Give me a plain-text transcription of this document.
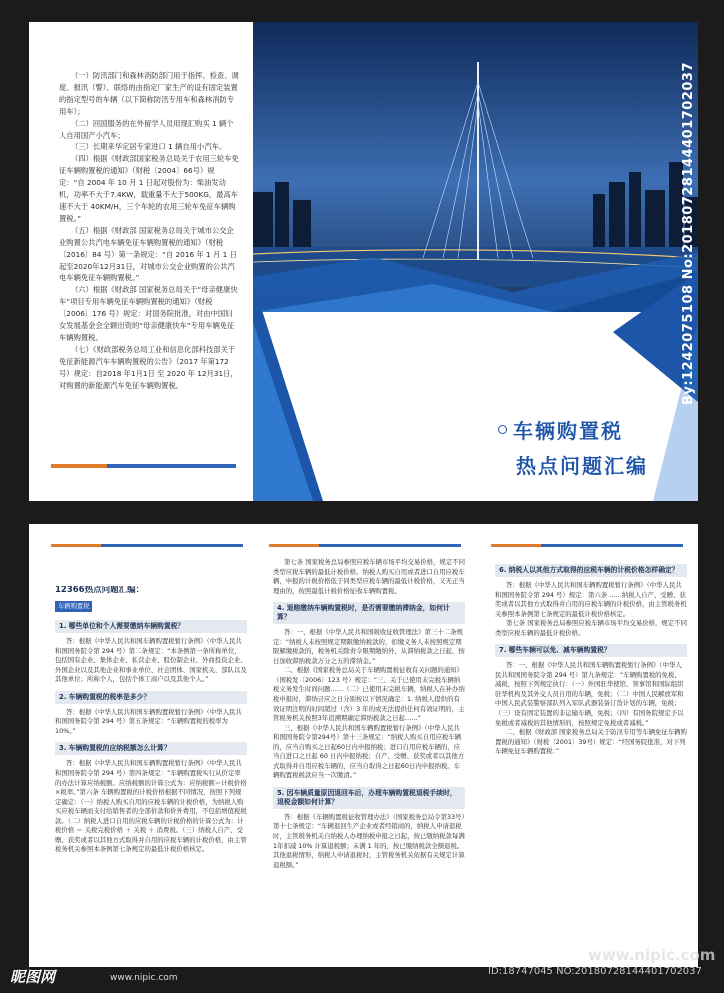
（一）防汛部门和森林消防部门用于指挥、检查、调度、报汛（警）、联络的由指定厂家生产的设有固定装置的指定型号的车辆（以下简称防汛专用车和森林消防专用车）；

（二）回国服务的在外留学人员用现汇购买 1 辆个人自用国产小汽车；

（三）长期来华定居专家进口 1 辆自用小汽车。

（四）根据《财政部国家税务总局关于农用三轮车免征车辆购置税的通知》（财税〔2004〕66号）规定：“自 2004 年 10 月 1 日起对股份为：柴油发动机，功率不大于7.4KW，载重量不大于500KG，最高车速不大于 40KM/H，三个车轮的农用三轮车免征车辆购置税。”

（五）根据《财政部 国家税务总局关于城市公交企业购置公共汽电车辆免征车辆购置税的通知》（财税〔2016〕84 号）第一条规定：“自 2016 年 1 月 1 日起至2020年12月31日，对城市公交企业购置的公共汽电车辆免征车辆购置税。”

（六）根据《财政部 国家税务总局关于“母亲健康快车”项目专用车辆免征车辆购置税的通知》（财税〔2006〕176 号）规定：对国务院批准，对由中国妇女发展基金会全额出资的“母亲健康快车”专用车辆免征车辆购置税。

（七）《财政部税务总局工业和信息化部科技部关于免征新能源汽车车辆购置税的公告》（2017 年第172号）规定：自2018 年1月1日 至 2020 年 12月31日，对购置的新能源汽车免征车辆购置税。	By:1242075108 No:20180728144401702037
车辆购置税
热点问题汇编
12366热点问题汇编：
车辆购置税
1. 哪些单位和个人需要缴纳车辆购置税？

答：根据《中华人民共和国车辆购置税暂行条例》（中华人民共和国国务院令第 294 号）第二条规定：“本条例第一条所称单位，包括国有企业、集体企业、私营企业、股份制企业、外商投资企业、外国企业以及其他企业和事业单位、社会团体、国家机关、部队以及其他单位；所称个人，包括个体工商户以及其他个人。”

2. 车辆购置税的税率是多少？

答：根据《中华人民共和国车辆购置税暂行条例》（中华人民共和国国务院令第 294 号）第五条规定：“车辆购置税的税率为10%。”

3. 车辆购置税的应纳税额怎么计算？

答：根据《中华人民共和国车辆购置税暂行条例》（中华人民共和国国务院令第 294 号）第四条规定：“车辆购置税实行从价定率的办法计算应纳税额。应纳税额的计算公式为：应纳税额＝计税价格×税率。”第六条 车辆购置税的计税价格根据不同情况，按照下列规定确定：（一）纳税人购买自用的应税车辆的计税价格，为纳税人购买应税车辆而支付给销售者的全部价款和价外费用，不包括增值税税款。（二）纳税人进口自用的应税车辆的计税价格的计算公式为：计税价格 ＝ 关税完税价格 ＋ 关税 ＋ 消费税。（三）纳税人自产、受赠、获奖或者以其他方式取得并自用的应税车辆的计税价格，由主管税务机关参照本条例第七条规定的最低计税价格核定。

第七条 国家税务总局参照应税车辆市场平均交易价格，规定不同类型应税车辆的最低计税价格。纳税人购买自用或者进口自用应税车辆，申报的计税价格低于同类型应税车辆的最低计税价格，又无正当理由的，按照最低计税价格征收车辆购置税。

4. 退赔缴纳车辆购置税时，是否需要缴纳滞纳金，如何计算？

答：一、根据《中华人民共和国税收征收管理法》第三十二条规定：“纳税人未按照规定期限缴纳税款的，扣缴义务人未按照规定期限解缴税款的，税务机关除责令限期缴纳外，从滞纳税款之日起，按日加收滞纳税款万分之五的滞纳金。”

二、根据《国家税务总局关于车辆购置税征收有关问题的通知》（国税发〔2006〕123 号）规定：“三、关于已使用未完税车辆纳税义务发生时间问题……（二）已使用未完税车辆，纳税人在补办纳税申报时，滞纳금应之日分别按以下情况确定：1. 纳税人提供的有效证明注明的时间超过（含）3 年的或无法提供任何有效证明的，主管税务机关按照3年追溯期确定滞纳税款之日起……”

三、根据《中华人民共和国车辆购置税暂行条例》（中华人民共和国国务院令第294号）第十三条规定：“纳税人购买自用应税车辆的，应当自购买之日起60日内申报纳税；进口自用应税车辆的，应当自进口之日起 60 日内申报纳税；自产、受赠、获奖或者以其他方式取得并自用应税车辆的，应当自取得之日起60日内申报纳税。车辆购置税税款应当一次缴清。”

5. 因车辆质量原因退回车后，办理车辆购置税退税手续时，退税金额如何计算？

答：根据《车辆购置税征收管理办法》（国家税务总局令第33号）第十七条规定：“车辆退回生产企业或者经销商的，纳税人申请退税时，主管税务机关自纳税人办理纳税申报之日起，按已缴纳税款每满1年扣减 10% 计算退税额；未满 1 年的，按已缴纳税款全额退税。其他退税情形，纳税人申请退税时，主管税务机关依据有关规定计算退税额。”

6. 纳税人以其他方式取得的应税车辆的计税价格怎样确定？

答：根据《中华人民共和国车辆购置税暂行条例》（中华人民共和国国务院令第 294 号）规定：第六条 ……纳税人自产、受赠、获奖或者以其他方式取得并自用的应税车辆的计税价格，由主管税务机关参照本条例第七条规定的最低计税价格核定。

第七条 国家税务总局参照应税车辆市场平均交易价格，规定不同类型应税车辆的最低计税价格。

7. 哪些车辆可以免、减车辆购置税？

答：一、根据《中华人民共和国车辆购置税暂行条例》（中华人民共和国国务院令第 294 号）第九条规定：“车辆购置税的免税、减税，按照下列规定执行：（一）外国驻华使馆、领事馆和国际组织驻华机构及其外交人员自用的车辆，免税；（二）中国人民解放军和中国人民武装警察部队列入军队武器装备订货计划的车辆，免税；（三）设有固定装置的非运输车辆，免税；（四）有国务院规定予以免税或者减税的其他情形的，按照规定免税或者减税。”

二、根据《财政部 国家税务总局关于防汛专用等车辆免征车辆购置税的通知》（财税〔2001〕39号）规定：“经国务院批准，对下列车辆免征车辆购置税：”

昵图网	www.nipic.com
www.nipic.com
ID:18747045 NO:20180728144401702037
